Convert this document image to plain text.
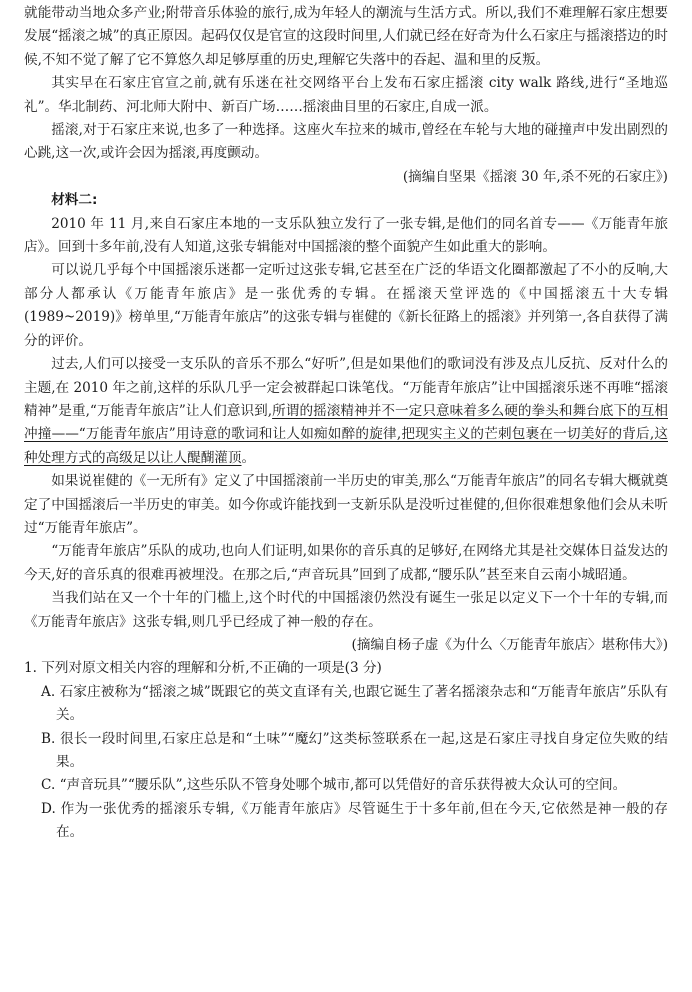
就能带动当地众多产业;附带音乐体验的旅行,成为年轻人的潮流与生活方式。所以,我们不难理解石家庄想要发展“摇滚之城”的真正原因。起码仅仅是官宣的这段时间里,人们就已经在好奇为什么石家庄与摇滚搭边的时候,不知不觉了解了它不算悠久却足够厚重的历史,理解它失落中的吞起、温和里的反叛。

其实早在石家庄官宣之前,就有乐迷在社交网络平台上发布石家庄摇滚 city walk 路线,进行“圣地巡礼”。华北制药、河北师大附中、新百广场……摇滚曲目里的石家庄,自成一派。

摇滚,对于石家庄来说,也多了一种选择。这座火车拉来的城市,曾经在车轮与大地的碰撞声中发出剧烈的心跳,这一次,或许会因为摇滚,再度颤动。

(摘编自坚果《摇滚 30 年,杀不死的石家庄》)

材料二:

2010 年 11 月,来自石家庄本地的一支乐队独立发行了一张专辑,是他们的同名首专——《万能青年旅店》。回到十多年前,没有人知道,这张专辑能对中国摇滚的整个面貌产生如此重大的影响。

可以说几乎每个中国摇滚乐迷都一定听过这张专辑,它甚至在广泛的华语文化圈都激起了不小的反响,大部分人都承认《万能青年旅店》是一张优秀的专辑。在摇滚天堂评选的《中国摇滚五十大专辑(1989~2019)》榜单里,“万能青年旅店”的这张专辑与崔健的《新长征路上的摇滚》并列第一,各自获得了满分的评价。

过去,人们可以接受一支乐队的音乐不那么“好听”,但是如果他们的歌词没有涉及点儿反抗、反对什么的主题,在 2010 年之前,这样的乐队几乎一定会被群起口诛笔伐。“万能青年旅店”让中国摇滚乐迷不再唯“摇滚精神”是重,“万能青年旅店”让人们意识到,所谓的摇滚精神并不一定只意味着多么硬的拳头和舞台底下的互相冲撞——“万能青年旅店”用诗意的歌词和让人如痴如醉的旋律,把现实主义的芒刺包裹在一切美好的背后,这种处理方式的高级足以让人醍醐灌顶。

如果说崔健的《一无所有》定义了中国摇滚前一半历史的审美,那么“万能青年旅店”的同名专辑大概就奠定了中国摇滚后一半历史的审美。如今你或许能找到一支新乐队是没听过崔健的,但你很难想象他们会从未听过“万能青年旅店”。

“万能青年旅店”乐队的成功,也向人们证明,如果你的音乐真的足够好,在网络尤其是社交媒体日益发达的今天,好的音乐真的很难再被埋没。在那之后,“声音玩具”回到了成都,“腰乐队”甚至来自云南小城昭通。

当我们站在又一个十年的门槛上,这个时代的中国摇滚仍然没有诞生一张足以定义下一个十年的专辑,而《万能青年旅店》这张专辑,则几乎已经成了神一般的存在。

(摘编自杨子虚《为什么〈万能青年旅店〉堪称伟大》)

1. 下列对原文相关内容的理解和分析,不正确的一项是(3 分)

A. 石家庄被称为“摇滚之城”既跟它的英文直译有关,也跟它诞生了著名摇滚杂志和“万能青年旅店”乐队有关。

B. 很长一段时间里,石家庄总是和“土味”“魔幻”这类标签联系在一起,这是石家庄寻找自身定位失败的结果。

C. “声音玩具”“腰乐队”,这些乐队不管身处哪个城市,都可以凭借好的音乐获得被大众认可的空间。

D. 作为一张优秀的摇滚乐专辑,《万能青年旅店》尽管诞生于十多年前,但在今天,它依然是神一般的存在。
